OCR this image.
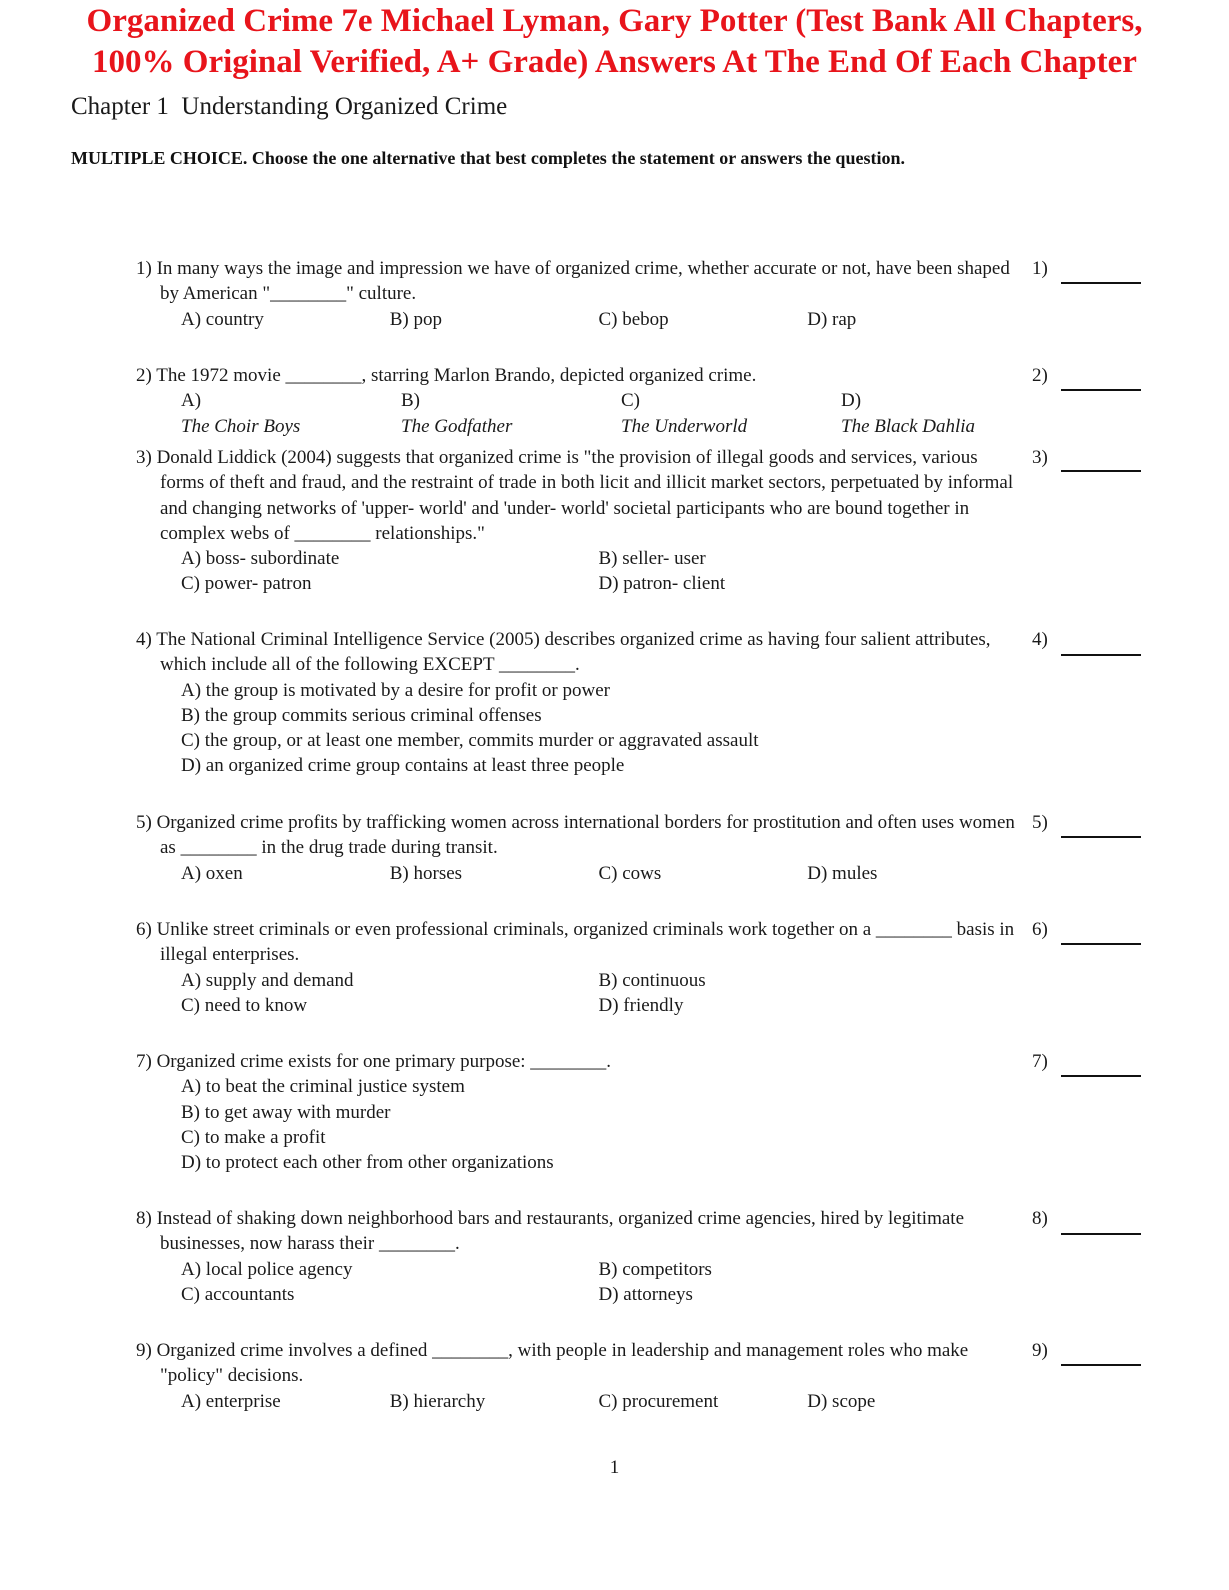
Organized Crime 7e Michael Lyman, Gary Potter (Test Bank All Chapters,
100% Original Verified, A+ Grade) Answers At The End Of Each Chapter
Chapter 1  Understanding Organized Crime
MULTIPLE CHOICE. Choose the one alternative that best completes the statement or answers the question.
1) In many ways the image and impression we have of organized crime, whether accurate or not, have been shaped by American "________" culture.
A) country	B) pop	C) bebop	D) rap
1)
2) The 1972 movie ________, starring Marlon Brando, depicted organized crime.
A)The Choir Boys
B)The Godfather
C)The Underworld
D)The Black Dahlia
2)
3) Donald Liddick (2004) suggests that organized crime is "the provision of illegal goods and services, various forms of theft and fraud, and the restraint of trade in both licit and illicit market sectors, perpetuated by informal and changing networks of 'upper- world' and 'under- world' societal participants who are bound together in complex webs of ________ relationships."
A) boss- subordinate	B) seller- user
C) power- patron	D) patron- client
3)
4) The National Criminal Intelligence Service (2005) describes organized crime as having four salient attributes, which include all of the following EXCEPT ________.
A) the group is motivated by a desire for profit or power
B) the group commits serious criminal offenses
C) the group, or at least one member, commits murder or aggravated assault
D) an organized crime group contains at least three people
4)
5) Organized crime profits by trafficking women across international borders for prostitution and often uses women as ________ in the drug trade during transit.
A) oxen	B) horses	C) cows	D) mules
5)
6) Unlike street criminals or even professional criminals, organized criminals work together on a ________ basis in illegal enterprises.
A) supply and demand	B) continuous
C) need to know	D) friendly
6)
7) Organized crime exists for one primary purpose: ________.
A) to beat the criminal justice system
B) to get away with murder
C) to make a profit
D) to protect each other from other organizations
7)
8) Instead of shaking down neighborhood bars and restaurants, organized crime agencies, hired by legitimate businesses, now harass their ________.
A) local police agency	B) competitors
C) accountants	D) attorneys
8)
9) Organized crime involves a defined ________, with people in leadership and management roles who make "policy" decisions.
A) enterprise	B) hierarchy	C) procurement	D) scope
9)
1
